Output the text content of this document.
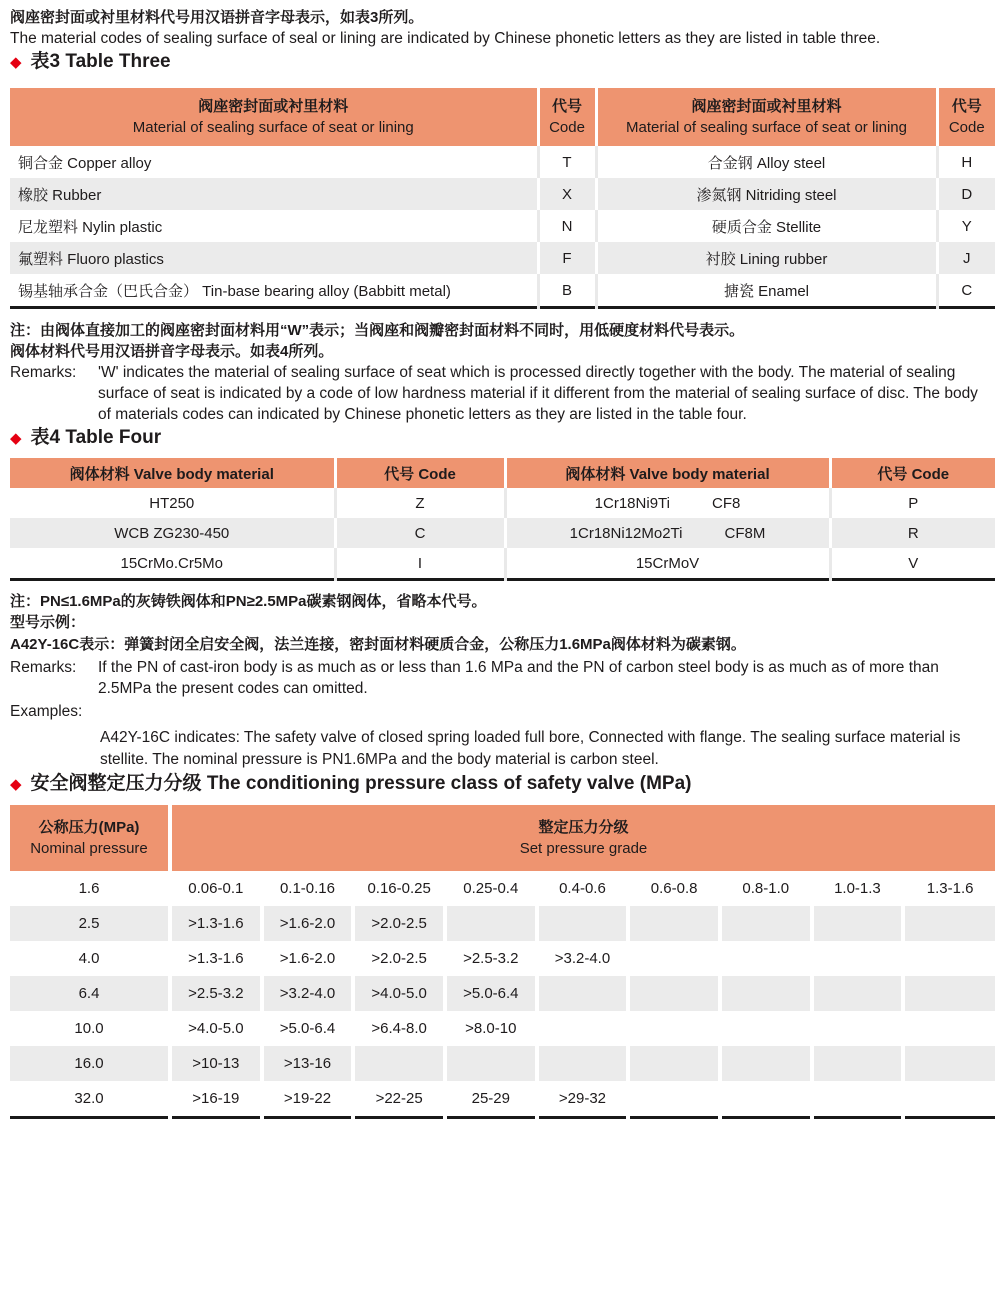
阀座密封面或衬里材料代号用汉语拼音字母表示，如表3所列。

The material codes of sealing surface of seal or lining are indicated by Chinese phonetic letters as they are listed in table three.

◆ 表3 Table Three
阀座密封面或衬里材料
Material of sealing surface of seat or lining

代号
Code

阀座密封面或衬里材料
Material of sealing surface of seat or lining

代号
Code

铜合金 Copper alloy	T	合金钢 Alloy steel	H
橡胶 Rubber	X	渗氮钢 Nitriding steel	D
尼龙塑料 Nylin plastic	N	硬质合金 Stellite	Y
氟塑料 Fluoro plastics	F	衬胶 Lining rubber	J
锡基轴承合金（巴氏合金） Tin-base bearing alloy (Babbitt metal)	B	搪瓷 Enamel	C

注：由阀体直接加工的阀座密封面材料用“W”表示；当阀座和阀瓣密封面材料不同时，用低硬度材料代号表示。

阀体材料代号用汉语拼音字母表示。如表4所列。

Remarks:	'W' indicates the material of sealing surface of seat which is processed directly together with the body. The material of sealing surface of seat is indicated by a code of low hardness material if it different from the material of sealing surface of disc. The body of materials codes can indicated by Chinese phonetic letters as they are listed in the table four.
◆ 表4 Table Four
阀体材料 Valve body material	代号 Code	阀体材料 Valve body material	代号 Code
HT250	Z	1Cr18Ni9Ti CF8	P
WCB ZG230-450	C	1Cr18Ni12Mo2Ti CF8M	R
15CrMo.Cr5Mo	I	15CrMoV	V

注：PN≤1.6MPa的灰铸铁阀体和PN≥2.5MPa碳素钢阀体，省略本代号。

型号示例：

A42Y-16C表示：弹簧封闭全启安全阀，法兰连接，密封面材料硬质合金，公称压力1.6MPa阀体材料为碳素钢。

Remarks:	If the PN of cast-iron body is as much as or less than 1.6 MPa and the PN of carbon steel body is as much as of more than 2.5MPa the present codes can omitted.

Examples:

A42Y-16C indicates: The safety valve of closed spring loaded full bore, Connected with flange. The sealing surface material is stellite. The nominal pressure is PN1.6MPa and the body material is carbon steel.

◆ 安全阀整定压力分级 The conditioning pressure class of safety valve (MPa)
公称压力(MPa)
Nominal pressure

整定压力分级
Set pressure grade

1.6	0.06-0.1	0.1-0.16	0.16-0.25	0.25-0.4	0.4-0.6	0.6-0.8	0.8-1.0	1.0-1.3	1.3-1.6
2.5	>1.3-1.6	>1.6-2.0	>2.0-2.5						
4.0	>1.3-1.6	>1.6-2.0	>2.0-2.5	>2.5-3.2	>3.2-4.0				
6.4	>2.5-3.2	>3.2-4.0	>4.0-5.0	>5.0-6.4					
10.0	>4.0-5.0	>5.0-6.4	>6.4-8.0	>8.0-10					
16.0	>10-13	>13-16							
32.0	>16-19	>19-22	>22-25	25-29	>29-32				
